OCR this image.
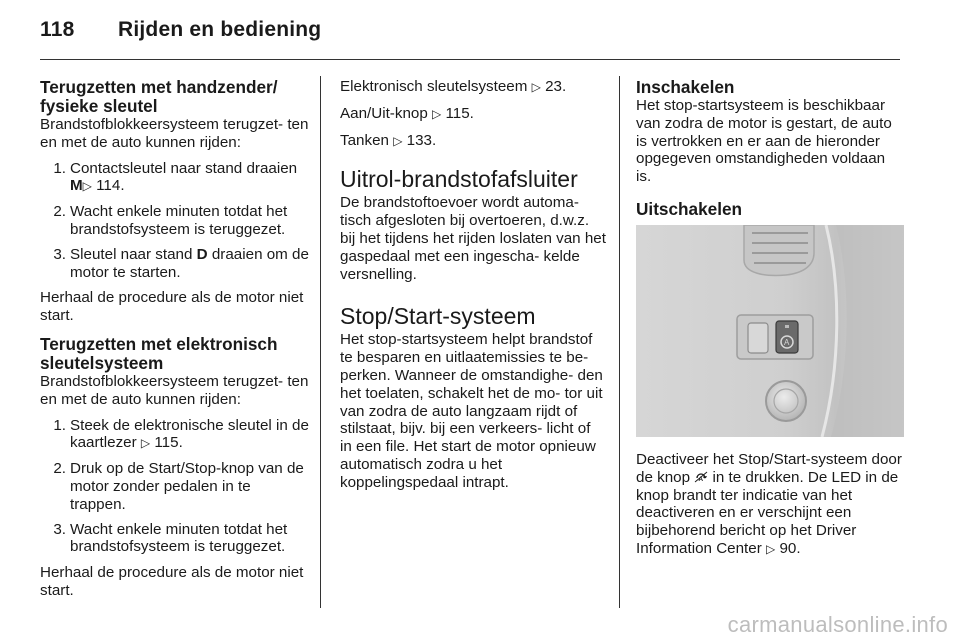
118 Rijden en bediening
Terugzetten met handzender/ fysieke sleutel

Brandstofblokkeersysteem terugzet‐ ten en met de auto kunnen rijden:

1. Contactsleutel naar stand draaien M▷ 114.
2. Wacht enkele minuten totdat het brandstofsysteem is teruggezet.
3. Sleutel naar stand D draaien om de motor te starten.

Herhaal de procedure als de motor niet start.

Terugzetten met elektronisch sleutelsysteem

Brandstofblokkeersysteem terugzet‐ ten en met de auto kunnen rijden:

1. Steek de elektronische sleutel in de kaartlezer ▷ 115.
2. Druk op de Start/Stop-knop van de motor zonder pedalen in te trappen.
3. Wacht enkele minuten totdat het brandstofsysteem is teruggezet.

Herhaal de procedure als de motor niet start.

Elektronisch sleutelsysteem ▷ 23.

Aan/Uit-knop ▷ 115.

Tanken ▷ 133.

Uitrol-brandstofafsluiter

De brandstoftoevoer wordt automa‐ tisch afgesloten bij overtoeren, d.w.z. bij het tijdens het rijden loslaten van het gaspedaal met een ingescha‐ kelde versnelling.

Stop/Start-systeem

Het stop-startsysteem helpt brandstof te besparen en uitlaatemissies te be‐ perken. Wanneer de omstandighe‐ den het toelaten, schakelt het de mo‐ tor uit van zodra de auto langzaam rijdt of stilstaat, bijv. bij een verkeers‐ licht of in een file. Het start de motor opnieuw automatisch zodra u het koppelingspedaal intrapt.

Inschakelen

Het stop-startsysteem is beschikbaar van zodra de motor is gestart, de auto is vertrokken en er aan de hieronder opgegeven omstandigheden voldaan is.

Uitschakelen
A

Deactiveer het Stop/Start-systeem door de knop A in te drukken. De LED in de knop brandt ter indicatie van het deactiveren en er verschijnt een bijbehorend bericht op het Driver Information Center ▷ 90.

carmanualsonline.info
